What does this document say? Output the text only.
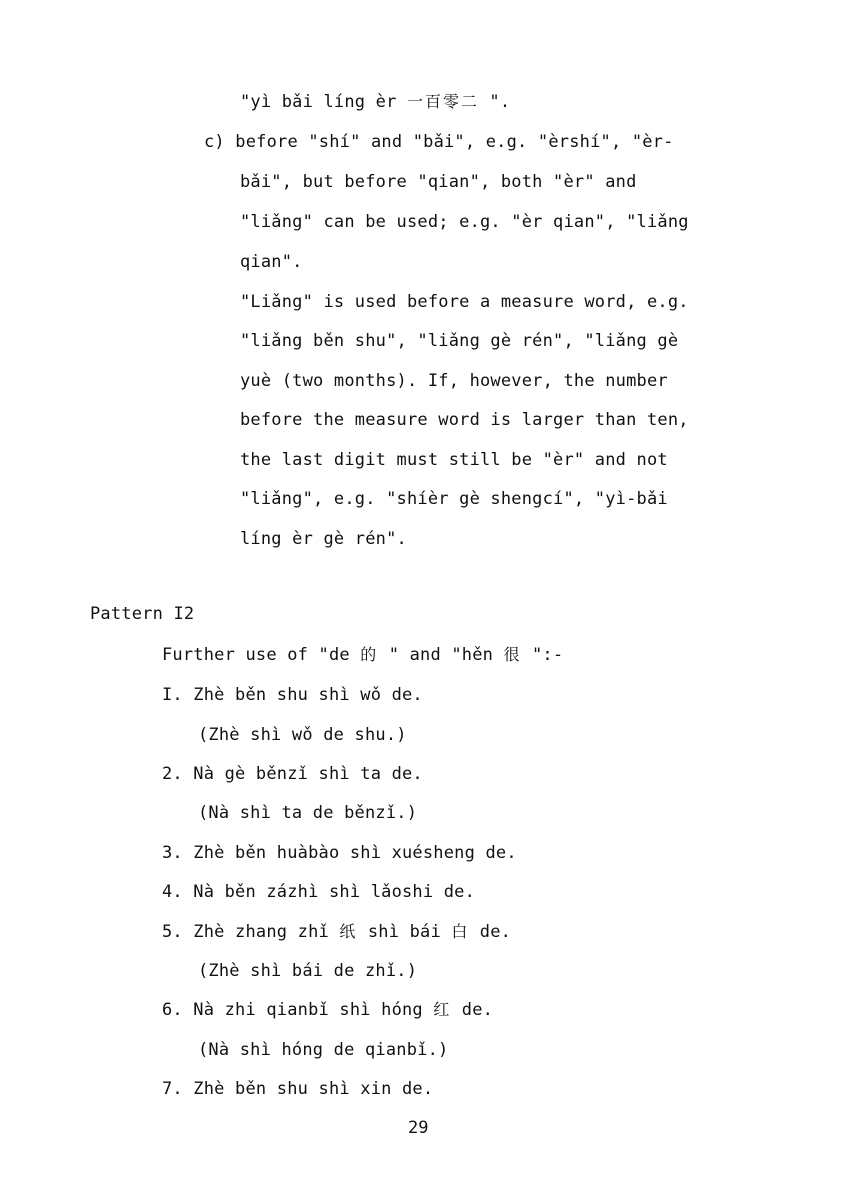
"yì bǎi líng èr 一百零二 ".
c) before "shí" and "bǎi", e.g. "èrshí", "èr-
bǎi", but before "qian", both "èr" and
"liǎng" can be used; e.g. "èr qian", "liǎng
qian".
"Liǎng" is used before a measure word, e.g.
"liǎng běn shu", "liǎng gè rén", "liǎng gè
yuè (two months). If, however, the number
before the measure word is larger than ten,
the last digit must still be "èr" and not
"liǎng", e.g. "shíèr gè shengcí", "yì-bǎi
líng èr gè rén".
Pattern I2
Further use of "de 的 " and "hěn 很 ":-
I. Zhè běn shu shì wǒ de.
(Zhè shì wǒ de shu.)
2. Nà gè běnzǐ shì ta de.
(Nà shì ta de běnzǐ.)
3. Zhè běn huàbào shì xuésheng de.
4. Nà běn zázhì shì lǎoshi de.
5. Zhè zhang zhǐ 纸 shì bái 白 de.
(Zhè shì bái de zhǐ.)
6. Nà zhi qianbǐ shì hóng 红 de.
(Nà shì hóng de qianbǐ.)
7. Zhè běn shu shì xin de.
29
